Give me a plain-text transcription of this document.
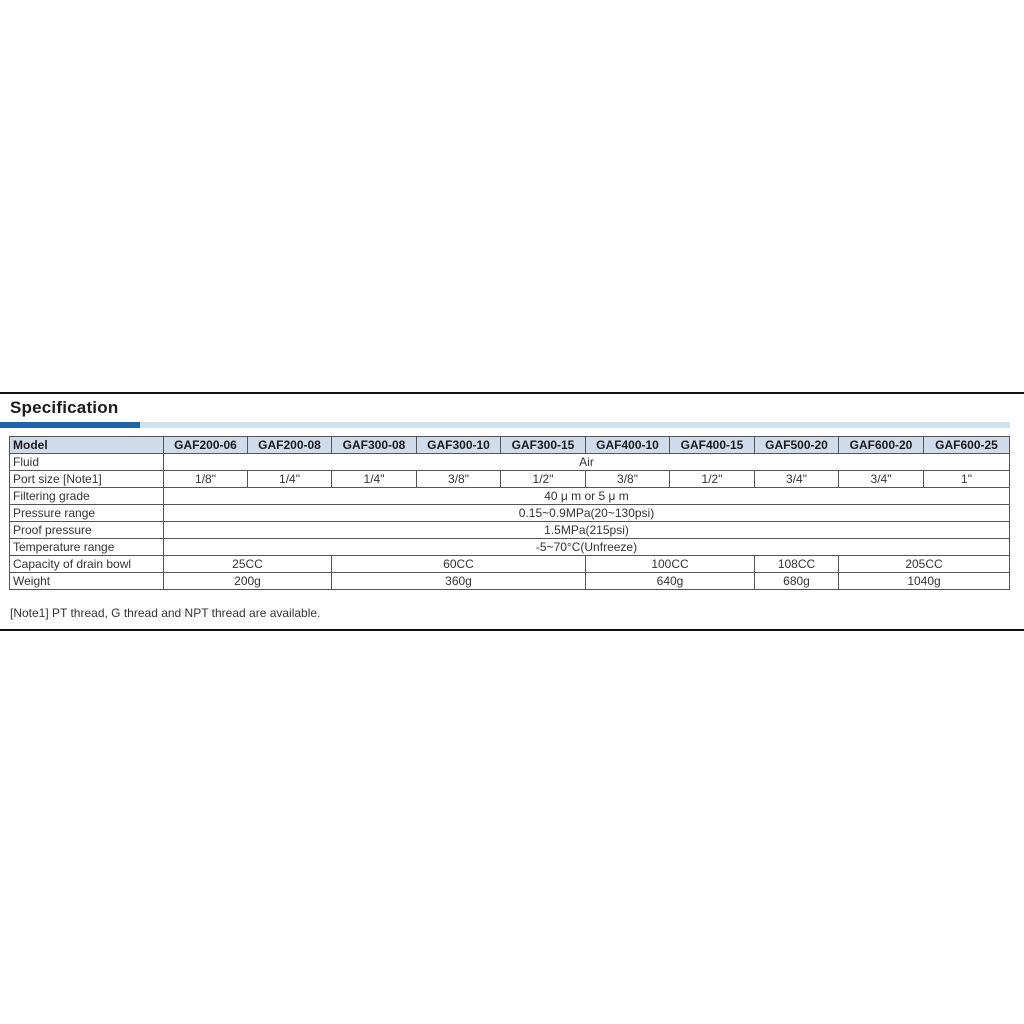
Specification
Model	GAF200-06	GAF200-08	GAF300-08	GAF300-10	GAF300-15	GAF400-10	GAF400-15	GAF500-20	GAF600-20	GAF600-25
Fluid	Air									
Port size [Note1]	1/8"	1/4"	1/4"	3/8"	1/2"	3/8"	1/2"	3/4"	3/4"	1"
Filtering grade	40 μ m or 5 μ m									
Pressure range	0.15~0.9MPa(20~130psi)									
Proof pressure	1.5MPa(215psi)									
Temperature range	-5~70°C(Unfreeze)									
Capacity of drain bowl	25CC		60CC			100CC		108CC	205CC	
Weight	200g		360g			640g		680g	1040g	
[Note1] PT thread, G thread and NPT thread are available.
